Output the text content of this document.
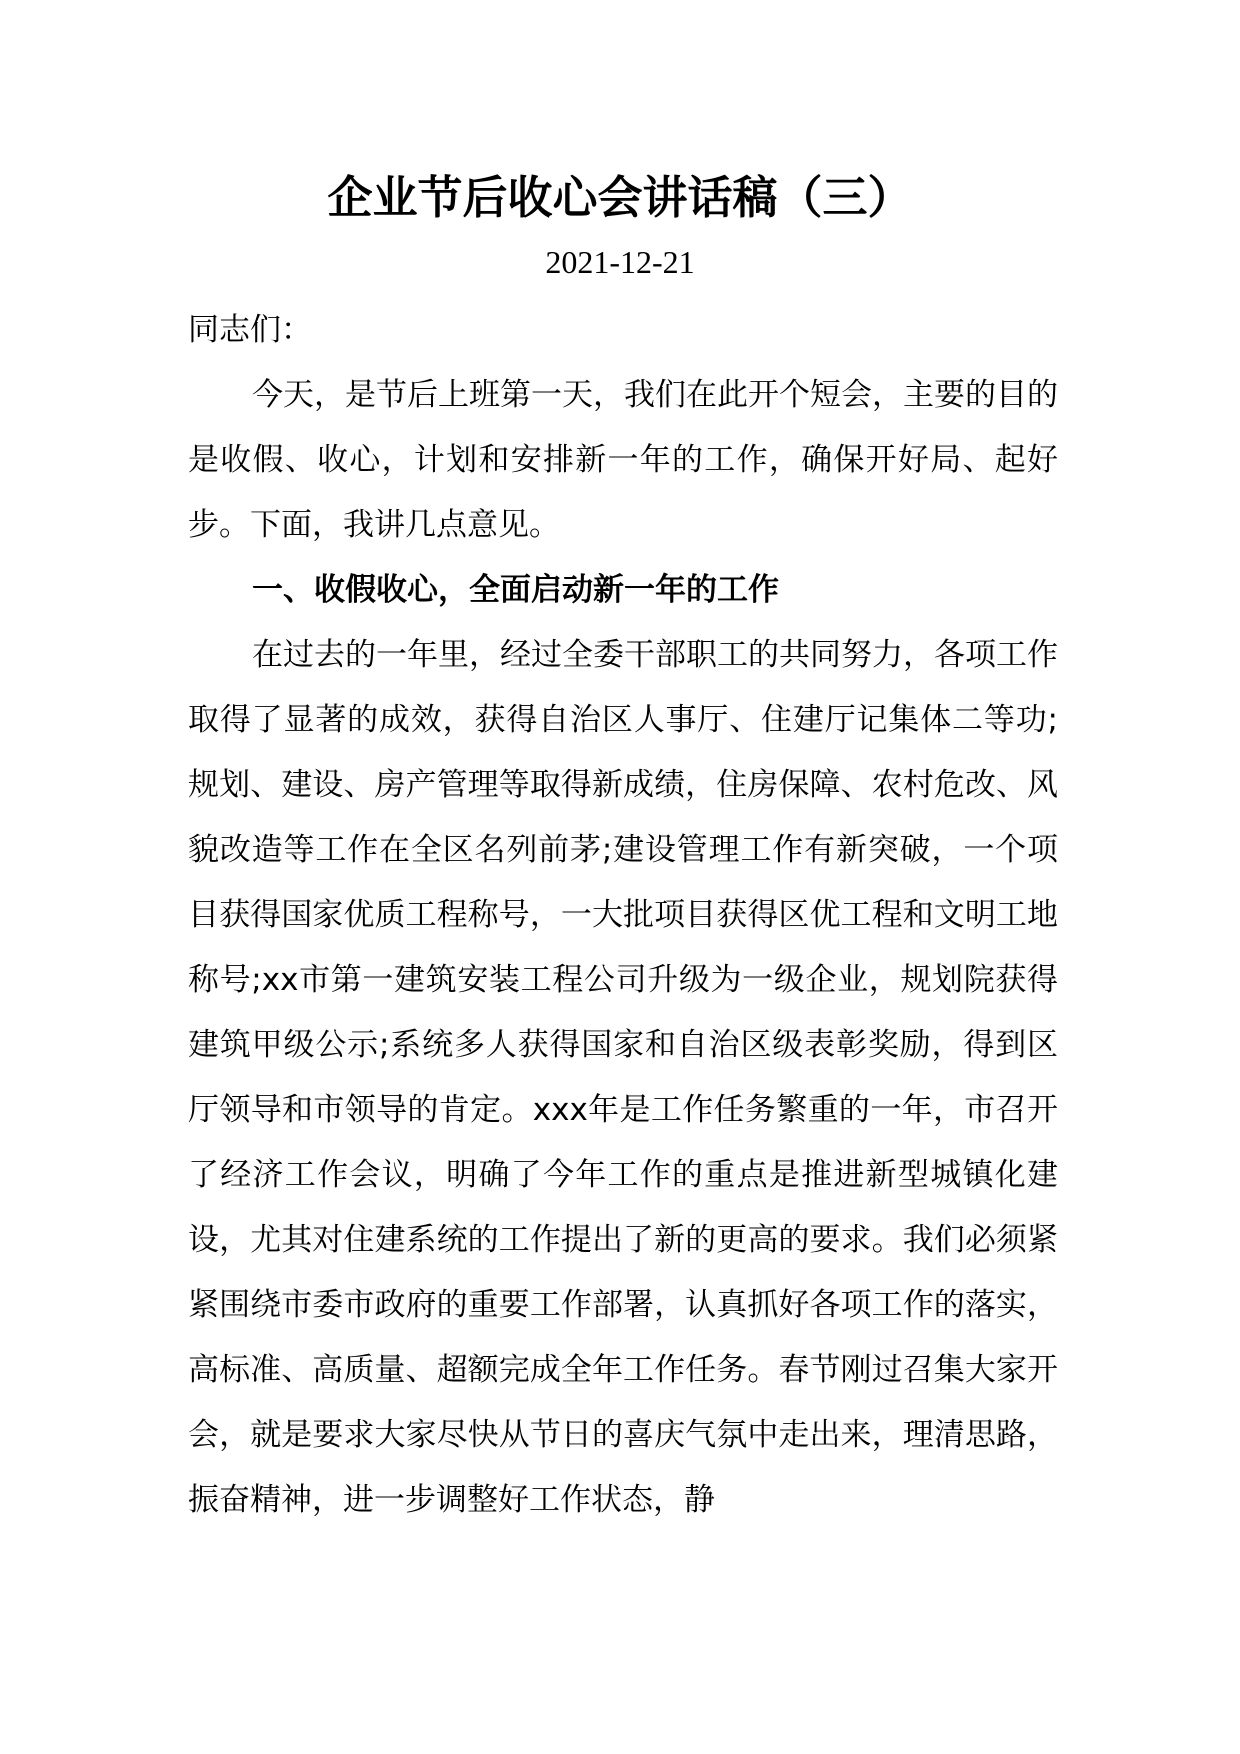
企业节后收心会讲话稿（三）
2021-12-21

同志们：

今天，是节后上班第一天，我们在此开个短会，主要的目的是收假、收心，计划和安排新一年的工作，确保开好局、起好步。下面，我讲几点意见。

一、收假收心，全面启动新一年的工作

在过去的一年里，经过全委干部职工的共同努力，各项工作取得了显著的成效，获得自治区人事厅、住建厅记集体二等功;规划、建设、房产管理等取得新成绩，住房保障、农村危改、风貌改造等工作在全区名列前茅;建设管理工作有新突破，一个项目获得国家优质工程称号，一大批项目获得区优工程和文明工地称号;xx市第一建筑安装工程公司升级为一级企业，规划院获得建筑甲级公示;系统多人获得国家和自治区级表彰奖励，得到区厅领导和市领导的肯定。xxx年是工作任务繁重的一年，市召开了经济工作会议，明确了今年工作的重点是推进新型城镇化建设，尤其对住建系统的工作提出了新的更高的要求。我们必须紧紧围绕市委市政府的重要工作部署，认真抓好各项工作的落实，高标准、高质量、超额完成全年工作任务。春节刚过召集大家开会，就是要求大家尽快从节日的喜庆气氛中走出来，理清思路，振奋精神，进一步调整好工作状态，静
